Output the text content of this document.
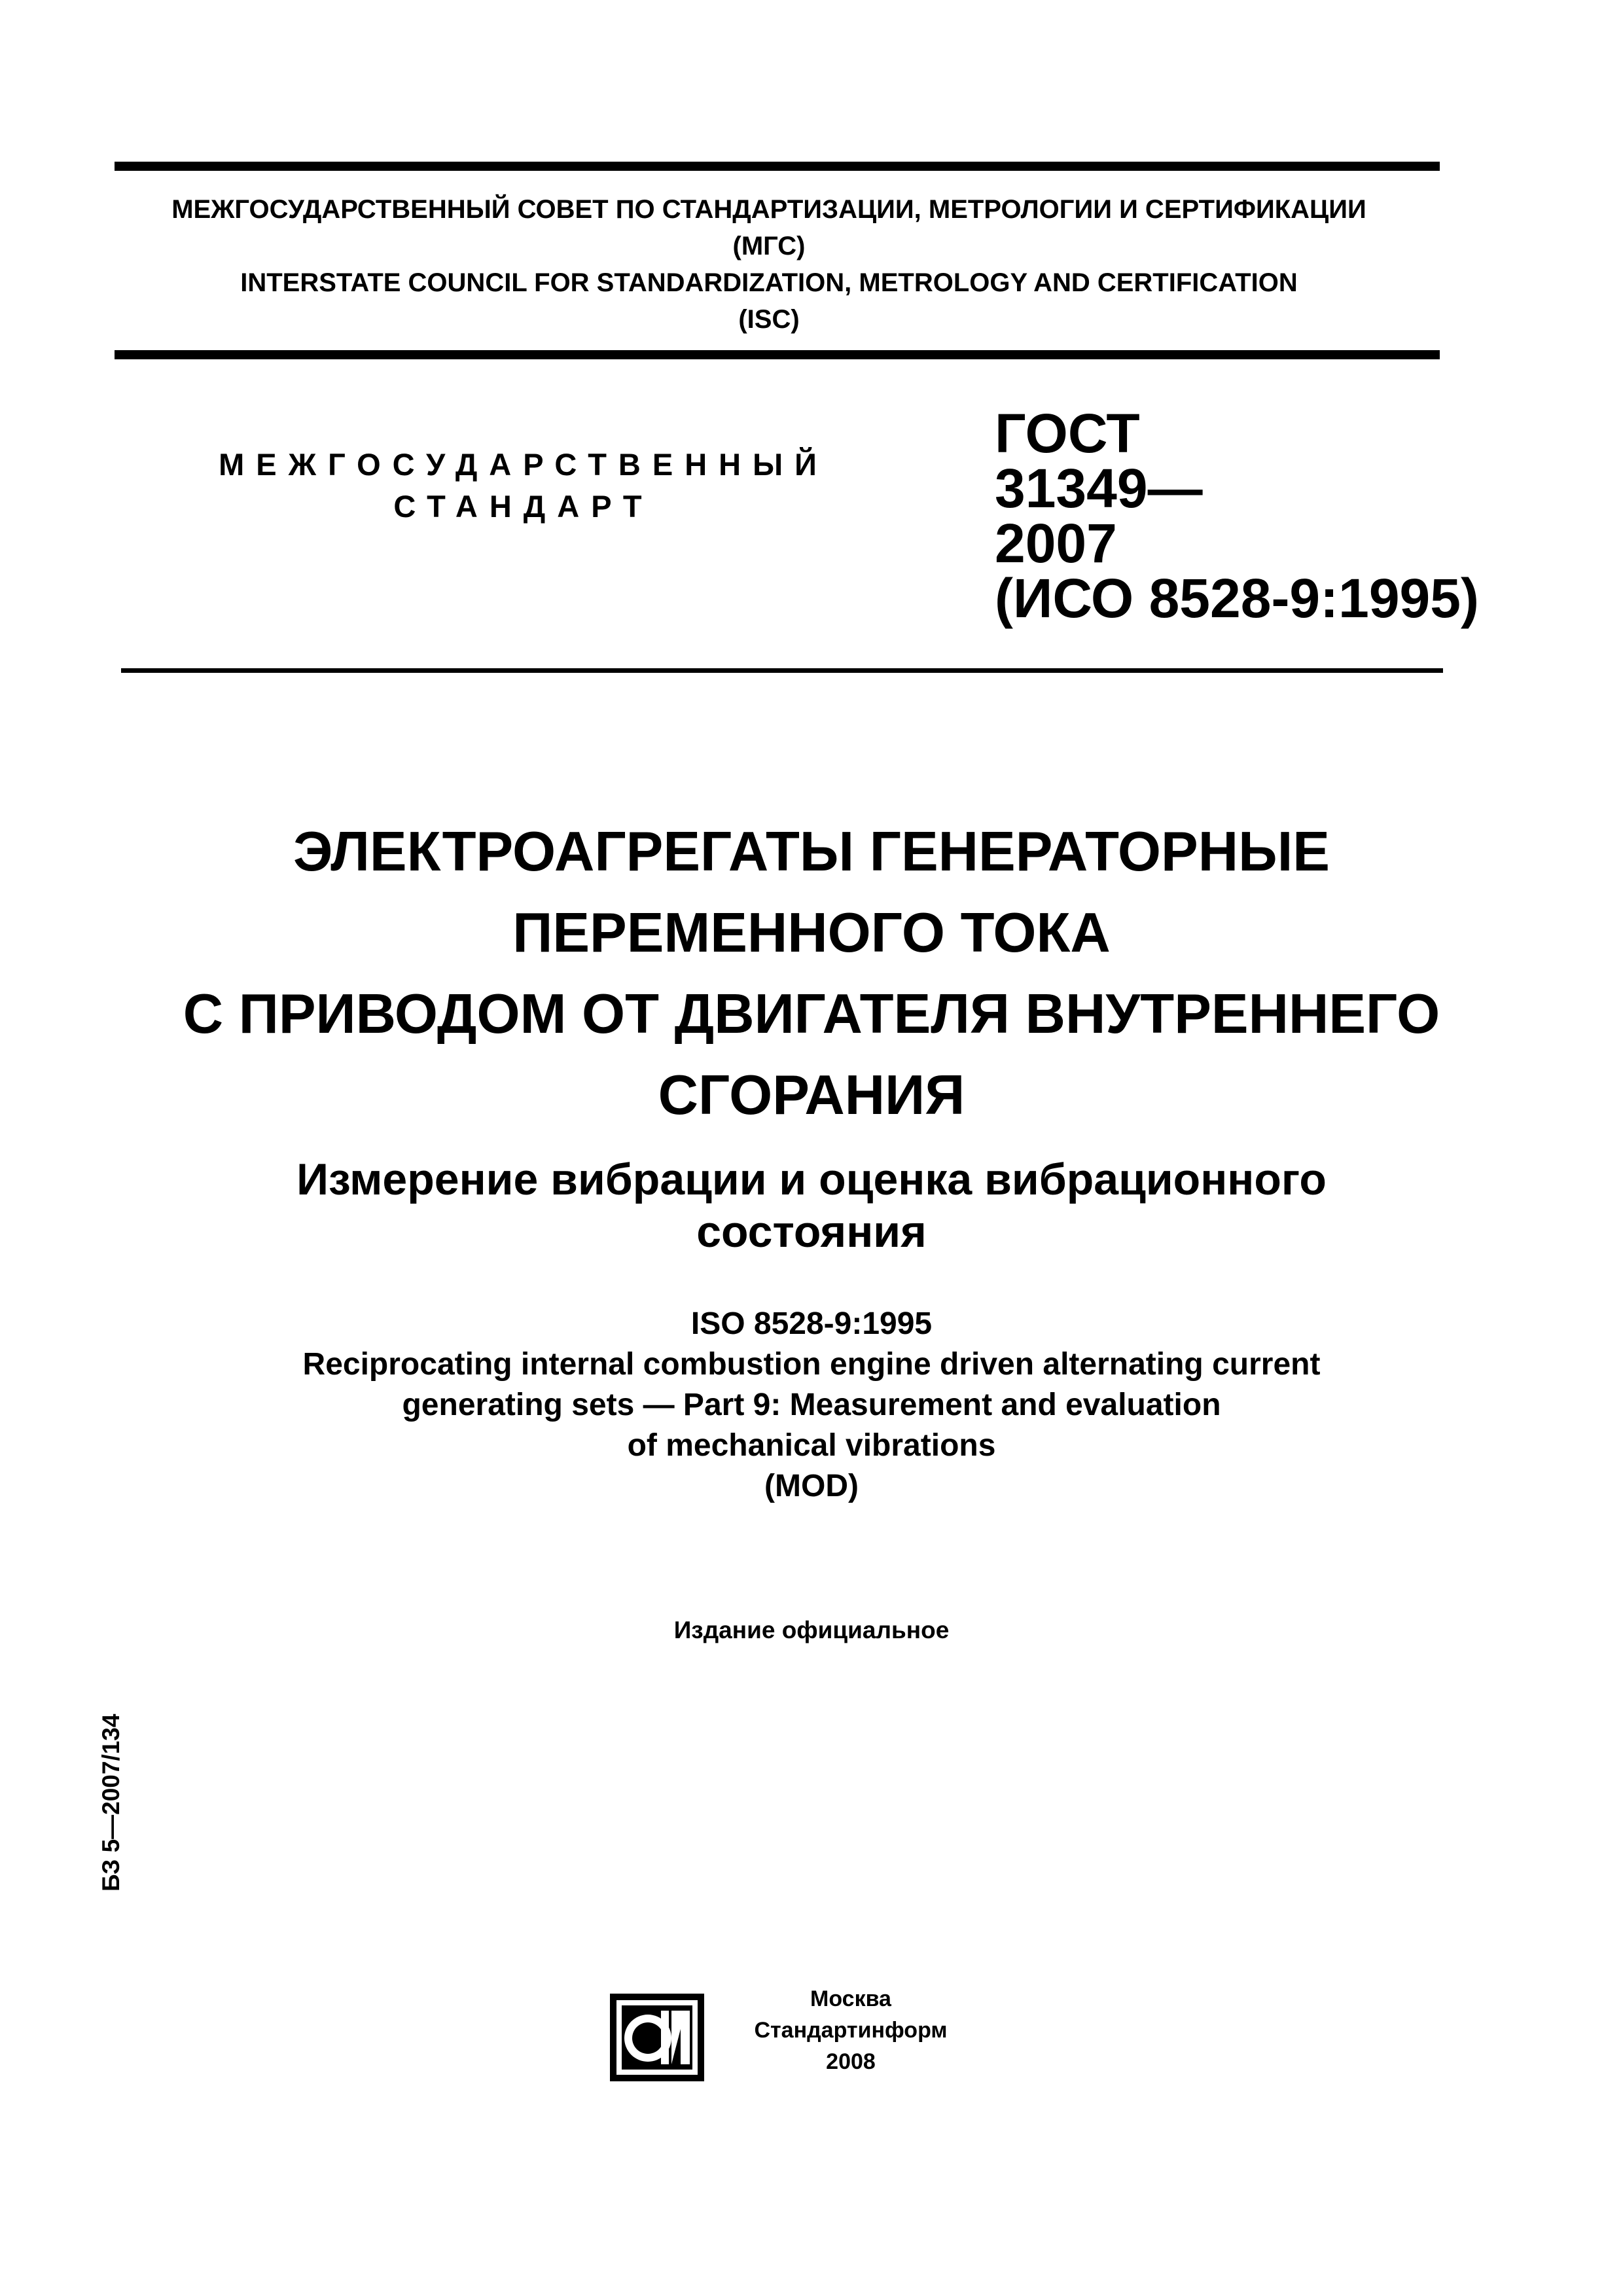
МЕЖГОСУДАРСТВЕННЫЙ СОВЕТ ПО СТАНДАРТИЗАЦИИ, МЕТРОЛОГИИ И СЕРТИФИКАЦИИ
(МГС)
INTERSTATE COUNCIL FOR STANDARDIZATION, METROLOGY AND CERTIFICATION
(ISC)
МЕЖГОСУДАРСТВЕННЫЙ
СТАНДАРТ
ГОСТ
31349—
2007
(ИСО 8528-9:1995)
ЭЛЕКТРОАГРЕГАТЫ ГЕНЕРАТОРНЫЕ
ПЕРЕМЕННОГО ТОКА
С ПРИВОДОМ ОТ ДВИГАТЕЛЯ ВНУТРЕННЕГО
СГОРАНИЯ
Измерение вибрации и оценка вибрационного
состояния
ISO 8528-9:1995
Reciprocating internal combustion engine driven alternating current
generating sets — Part 9: Measurement and evaluation
of mechanical vibrations
(MOD)
Издание официальное
БЗ 5—2007/134
Москва
Стандартинформ
2008
